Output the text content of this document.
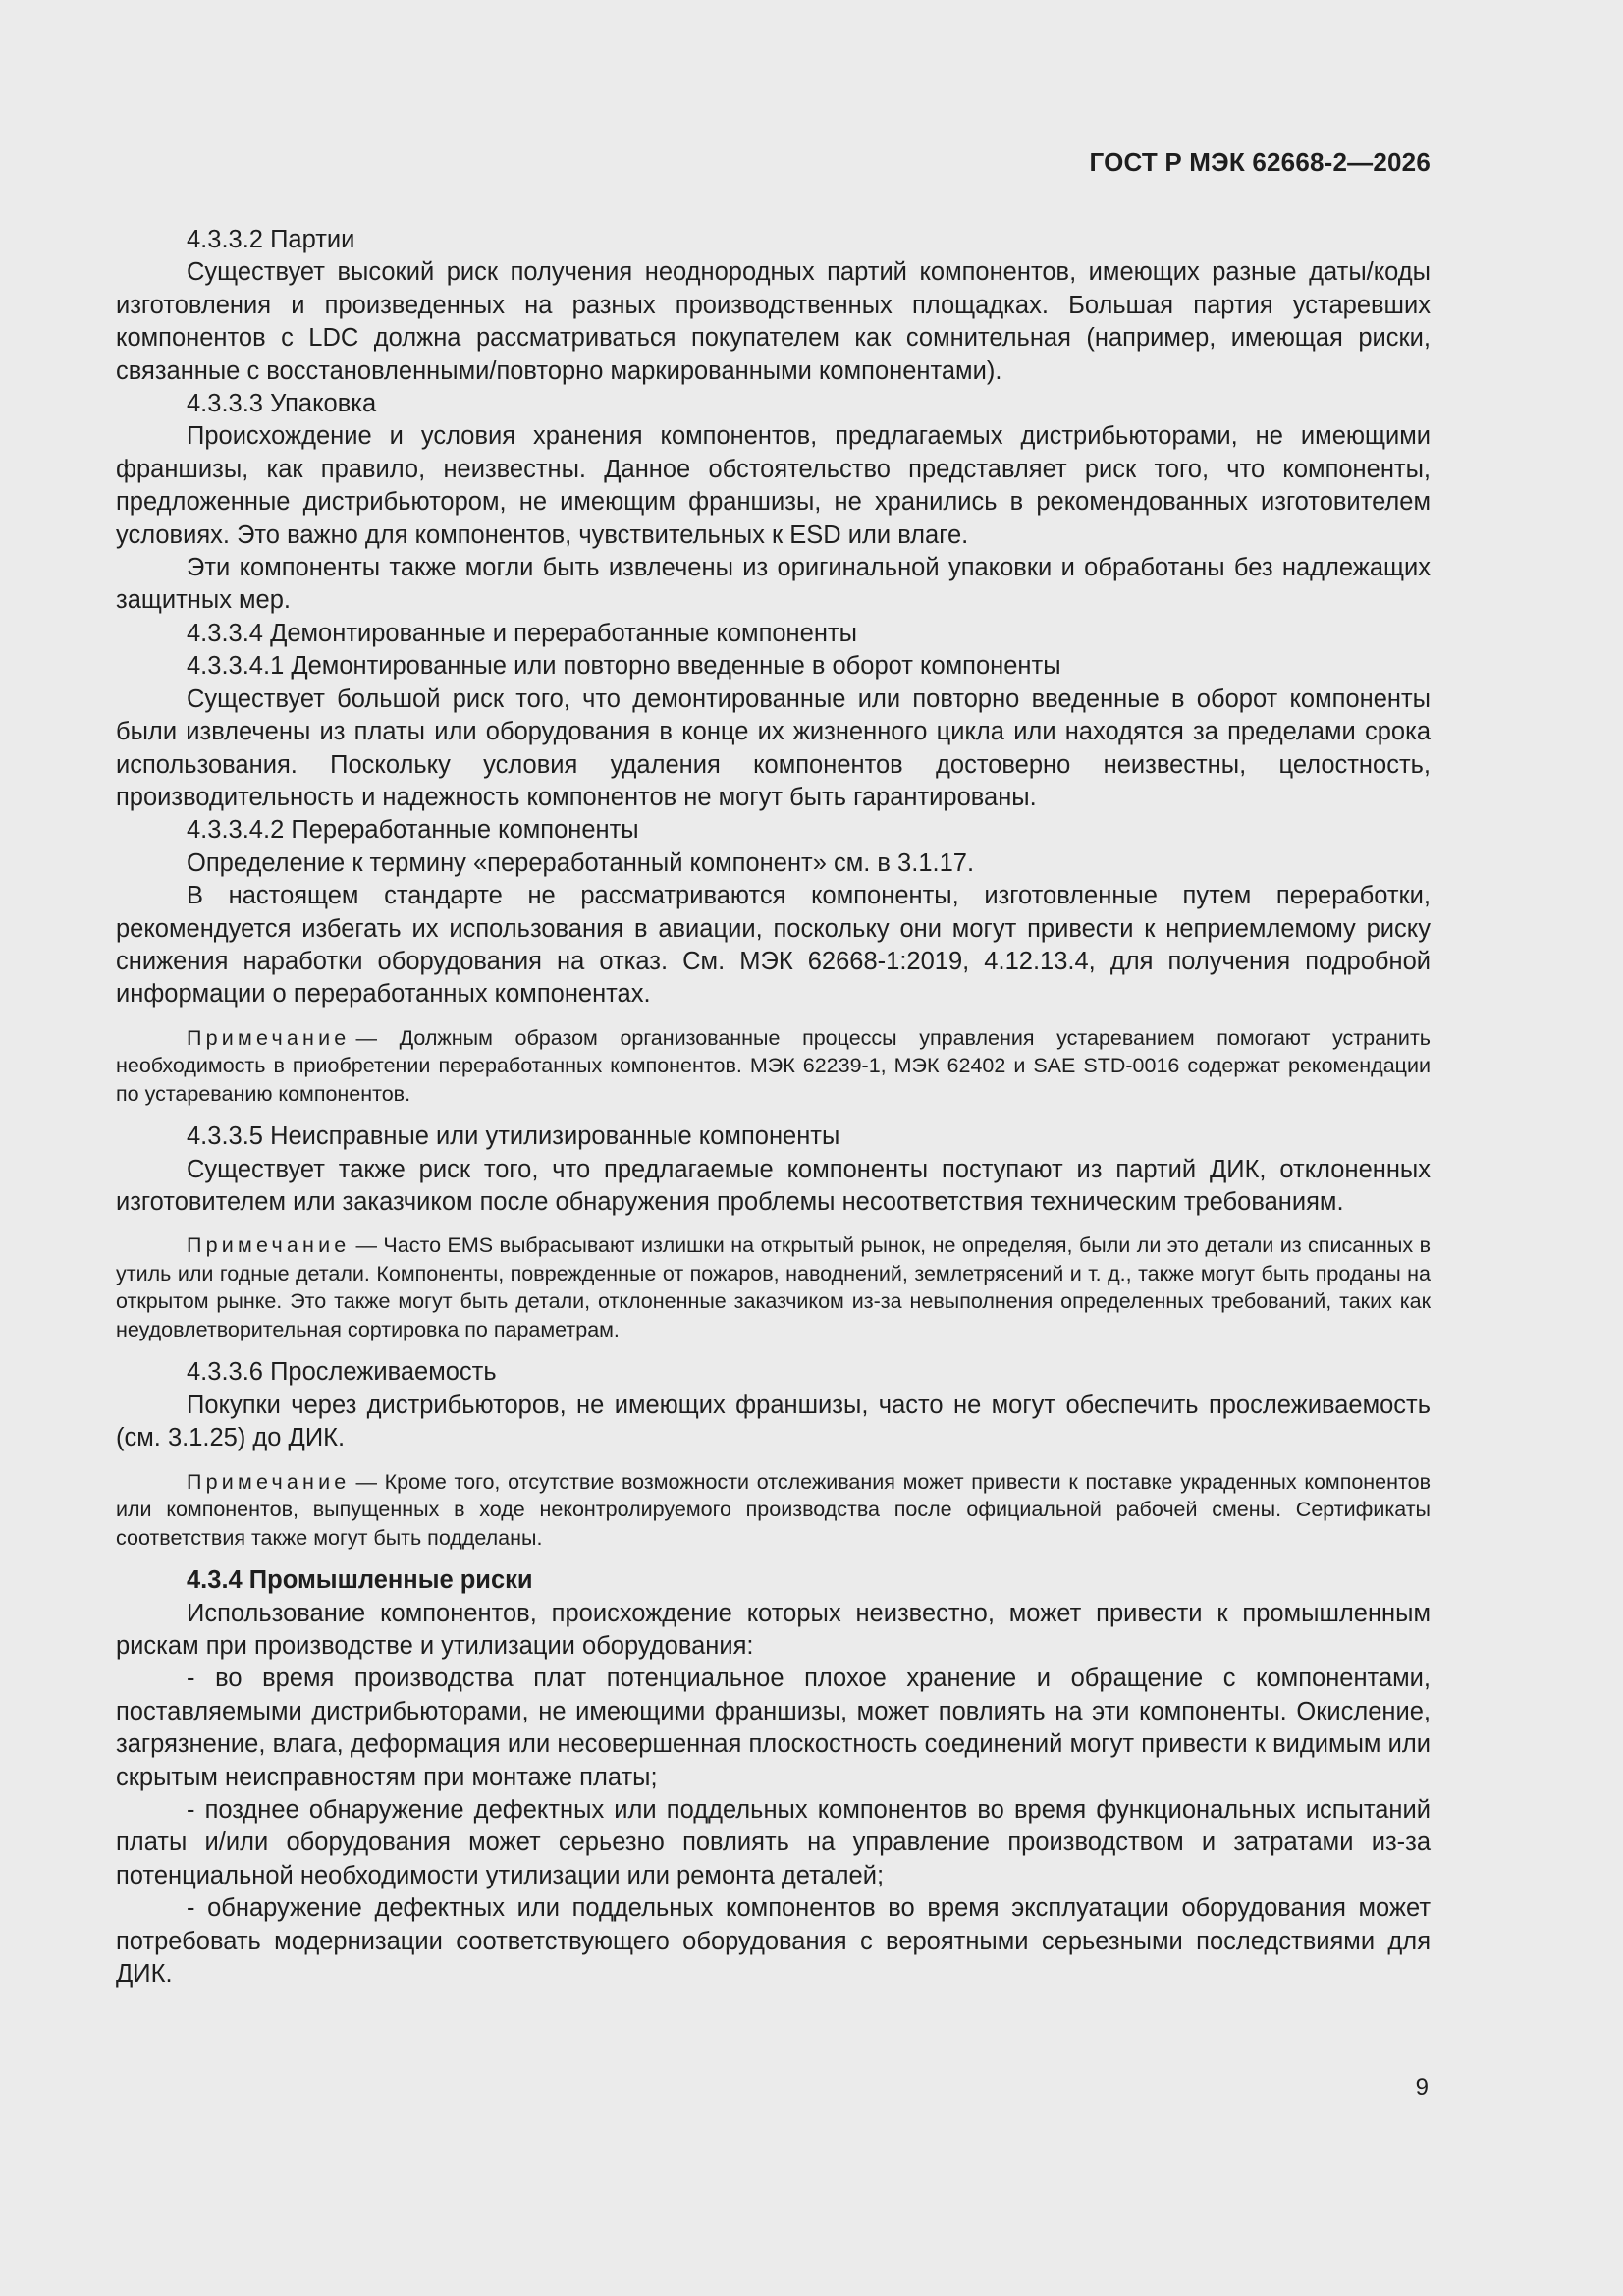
ГОСТ Р МЭК 62668-2—2026

4.3.3.2 Партии

Существует высокий риск получения неоднородных партий компонентов, имеющих разные даты/коды изготовления и произведенных на разных производственных площадках. Большая партия устаревших компонентов с LDC должна рассматриваться покупателем как сомнительная (например, имеющая риски, связанные с восстановленными/повторно маркированными компонентами).

4.3.3.3 Упаковка

Происхождение и условия хранения компонентов, предлагаемых дистрибьюторами, не имеющими франшизы, как правило, неизвестны. Данное обстоятельство представляет риск того, что компоненты, предложенные дистрибьютором, не имеющим франшизы, не хранились в рекомендованных изготовителем условиях. Это важно для компонентов, чувствительных к ESD или влаге.

Эти компоненты также могли быть извлечены из оригинальной упаковки и обработаны без надлежащих защитных мер.

4.3.3.4 Демонтированные и переработанные компоненты

4.3.3.4.1 Демонтированные или повторно введенные в оборот компоненты

Существует большой риск того, что демонтированные или повторно введенные в оборот компоненты были извлечены из платы или оборудования в конце их жизненного цикла или находятся за пределами срока использования. Поскольку условия удаления компонентов достоверно неизвестны, целостность, производительность и надежность компонентов не могут быть гарантированы.

4.3.3.4.2 Переработанные компоненты

Определение к термину «переработанный компонент» см. в 3.1.17.

В настоящем стандарте не рассматриваются компоненты, изготовленные путем переработки, рекомендуется избегать их использования в авиации, поскольку они могут привести к неприемлемому риску снижения наработки оборудования на отказ. См. МЭК 62668-1:2019, 4.12.13.4, для получения подробной информации о переработанных компонентах.

Примечание — Должным образом организованные процессы управления устареванием помогают устранить необходимость в приобретении переработанных компонентов. МЭК 62239-1, МЭК 62402 и SAE STD-0016 содержат рекомендации по устареванию компонентов.

4.3.3.5 Неисправные или утилизированные компоненты

Существует также риск того, что предлагаемые компоненты поступают из партий ДИК, отклоненных изготовителем или заказчиком после обнаружения проблемы несоответствия техническим требованиям.

Примечание — Часто EMS выбрасывают излишки на открытый рынок, не определяя, были ли это детали из списанных в утиль или годные детали. Компоненты, поврежденные от пожаров, наводнений, землетрясений и т. д., также могут быть проданы на открытом рынке. Это также могут быть детали, отклоненные заказчиком из-за невыполнения определенных требований, таких как неудовлетворительная сортировка по параметрам.

4.3.3.6 Прослеживаемость

Покупки через дистрибьюторов, не имеющих франшизы, часто не могут обеспечить прослеживаемость (см. 3.1.25) до ДИК.

Примечание — Кроме того, отсутствие возможности отслеживания может привести к поставке украденных компонентов или компонентов, выпущенных в ходе неконтролируемого производства после официальной рабочей смены. Сертификаты соответствия также могут быть подделаны.

4.3.4 Промышленные риски

Использование компонентов, происхождение которых неизвестно, может привести к промышленным рискам при производстве и утилизации оборудования:

- во время производства плат потенциальное плохое хранение и обращение с компонентами, поставляемыми дистрибьюторами, не имеющими франшизы, может повлиять на эти компоненты. Окисление, загрязнение, влага, деформация или несовершенная плоскостность соединений могут привести к видимым или скрытым неисправностям при монтаже платы;

- позднее обнаружение дефектных или поддельных компонентов во время функциональных испытаний платы и/или оборудования может серьезно повлиять на управление производством и затратами из-за потенциальной необходимости утилизации или ремонта деталей;

- обнаружение дефектных или поддельных компонентов во время эксплуатации оборудования может потребовать модернизации соответствующего оборудования с вероятными серьезными последствиями для ДИК.

9
